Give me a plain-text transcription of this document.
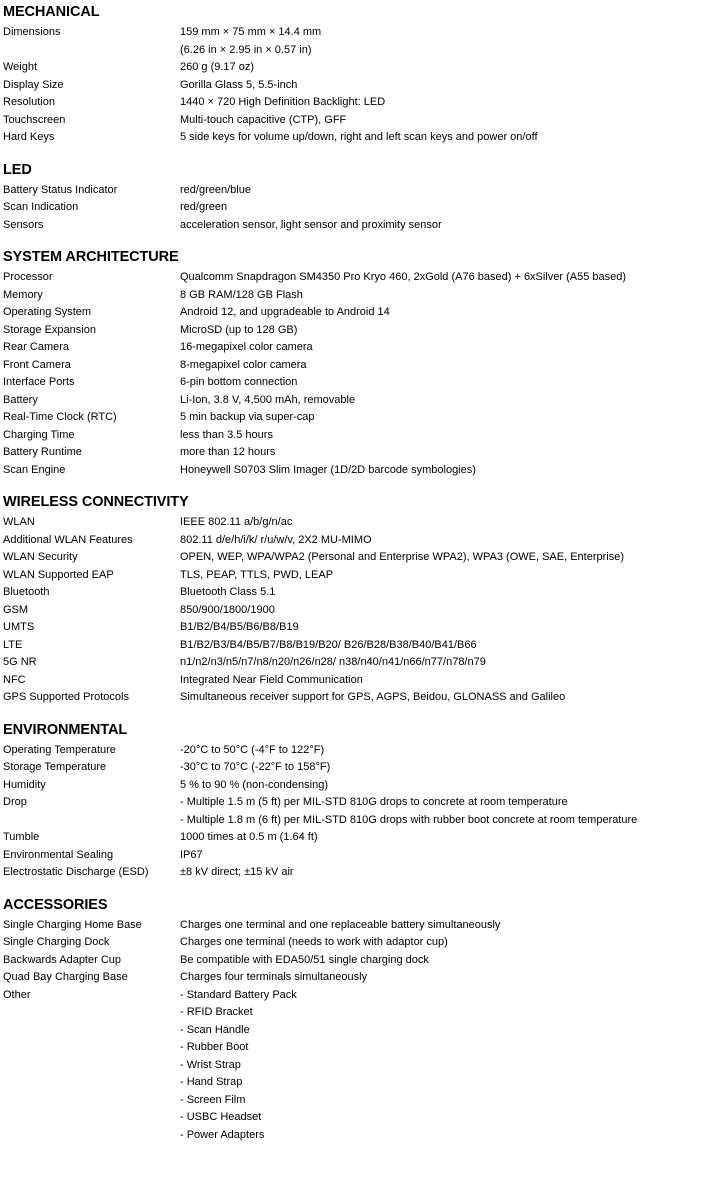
MECHANICAL
Dimensions	159 mm × 75 mm × 14.4 mm
(6.26 in × 2.95 in × 0.57 in)
Weight	260 g (9.17 oz)
Display Size	Gorilla Glass 5, 5.5-inch
Resolution	1440 × 720 High Definition Backlight: LED
Touchscreen	Multi-touch capacitive (CTP), GFF
Hard Keys	5 side keys for volume up/down, right and left scan keys and power on/off
LED
Battery Status Indicator	red/green/blue
Scan Indication	red/green
Sensors	acceleration sensor, light sensor and proximity sensor
SYSTEM ARCHITECTURE
Processor	Qualcomm Snapdragon SM4350 Pro Kryo 460, 2xGold (A76 based) + 6xSilver (A55 based)
Memory	8 GB RAM/128 GB Flash
Operating System	Android 12, and upgradeable to Android 14
Storage Expansion	MicroSD (up to 128 GB)
Rear Camera	16-megapixel color camera
Front Camera	8-megapixel color camera
Interface Ports	6-pin bottom connection
Battery	Li-Ion, 3.8 V, 4,500 mAh, removable
Real-Time Clock (RTC)	5 min backup via super-cap
Charging Time	less than 3.5 hours
Battery Runtime	more than 12 hours
Scan Engine	Honeywell S0703 Slim Imager (1D/2D barcode symbologies)
WIRELESS CONNECTIVITY
WLAN	IEEE 802.11 a/b/g/n/ac
Additional WLAN Features	802.11 d/e/h/i/k/ r/u/w/v, 2X2 MU-MIMO
WLAN Security	OPEN, WEP, WPA/WPA2 (Personal and Enterprise WPA2), WPA3 (OWE, SAE, Enterprise)
WLAN Supported EAP	TLS, PEAP, TTLS, PWD, LEAP
Bluetooth	Bluetooth Class 5.1
GSM	850/900/1800/1900
UMTS	B1/B2/B4/B5/B6/B8/B19
LTE	B1/B2/B3/B4/B5/B7/B8/B19/B20/ B26/B28/B38/B40/B41/B66
5G NR	n1/n2/n3/n5/n7/n8/n20/n26/n28/ n38/n40/n41/n66/n77/n78/n79
NFC	Integrated Near Field Communication
GPS Supported Protocols	Simultaneous receiver support for GPS, AGPS, Beidou, GLONASS and Galileo
ENVIRONMENTAL
Operating Temperature	-20°C to 50°C (-4°F to 122°F)
Storage Temperature	-30°C to 70°C (-22°F to 158°F)
Humidity	5 % to 90 % (non-condensing)
Drop	- Multiple 1.5 m (5 ft) per MIL-STD 810G drops to concrete at room temperature
- Multiple 1.8 m (6 ft) per MIL-STD 810G drops with rubber boot concrete at room temperature
Tumble	1000 times at 0.5 m (1.64 ft)
Environmental Sealing	IP67
Electrostatic Discharge (ESD)	±8 kV direct; ±15 kV air
ACCESSORIES
Single Charging Home Base	Charges one terminal and one replaceable battery simultaneously
Single Charging Dock	Charges one terminal (needs to work with adaptor cup)
Backwards Adapter Cup	Be compatible with EDA50/51 single charging dock
Quad Bay Charging Base	Charges four terminals simultaneously
Other	- Standard Battery Pack
- RFID Bracket
- Scan Handle
- Rubber Boot
- Wrist Strap
- Hand Strap
- Screen Film
- USBC Headset
- Power Adapters
